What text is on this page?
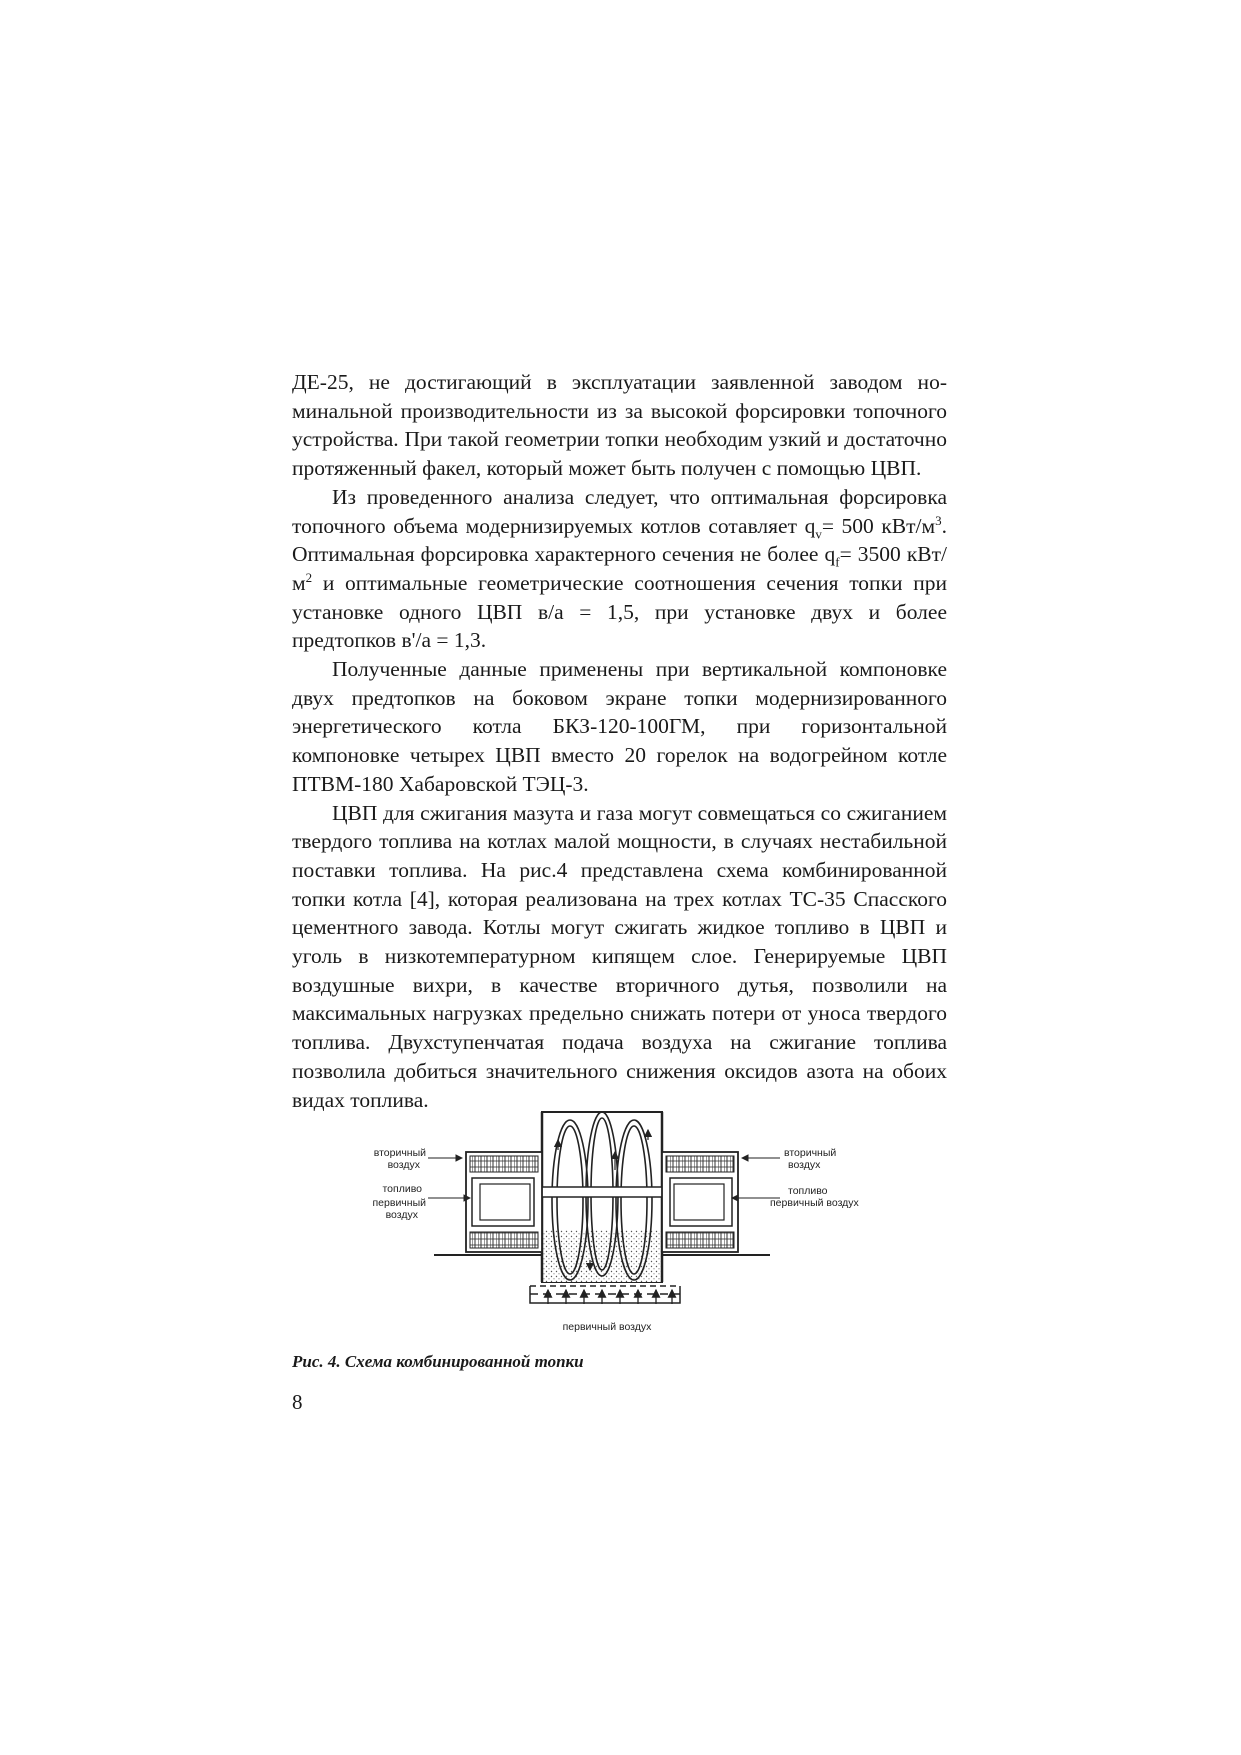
ДЕ-25, не достигающий в эксплуатации заявленной заводом номинальной производительности из за высокой форсировки топочного устройства. При такой геометрии топки необходим узкий и достаточно протяженный факел, который может быть получен с помощью ЦВП.

Из проведенного анализа следует, что оптимальная форсировка топочного объема модернизируемых котлов сотавляет $q_v= 500$ кВт/$м^3$. Оптимальная форсировка характерного сечения не более $q_f= 3500$ кВт/$м^2$ и оптимальные геометрические соотношения сечения топки при установке одного ЦВП в/а = 1,5, при установке двух и более предтопков в'/а = 1,3.

Полученные данные применены при вертикальной компоновке двух предтопков на боковом экране топки модернизированного энергетического котла БКЗ-120-100ГМ, при горизонтальной компоновке четырех ЦВП вместо 20 горелок на водогрейном котле ПТВМ-180 Хабаровской ТЭЦ-3.

ЦВП для сжигания мазута и газа могут совмещаться со сжиганием твердого топлива на котлах малой мощности, в случаях нестабильной поставки топлива. На рис.4 представлена схема комбинированной топки котла [4], которая реализована на трех котлах ТС-35 Спасского цементного завода. Котлы могут сжигать жидкое топливо в ЦВП и уголь в низкотемпературном кипящем слое. Генерируемые ЦВП воздушные вихри, в качестве вторичного дутья, позволили на максимальных нагрузках предельно снижать потери от уноса твердого топлива. Двухступенчатая подача воздуха на сжигание топлива позволила добиться значительного снижения оксидов азота на обоих видах топлива.

вторичный
воздух
топливо
первичный
воздух
вторичный
воздух
топливо
первичный воздух
первичный воздух
Рис. 4. Схема комбинированной топки
8
